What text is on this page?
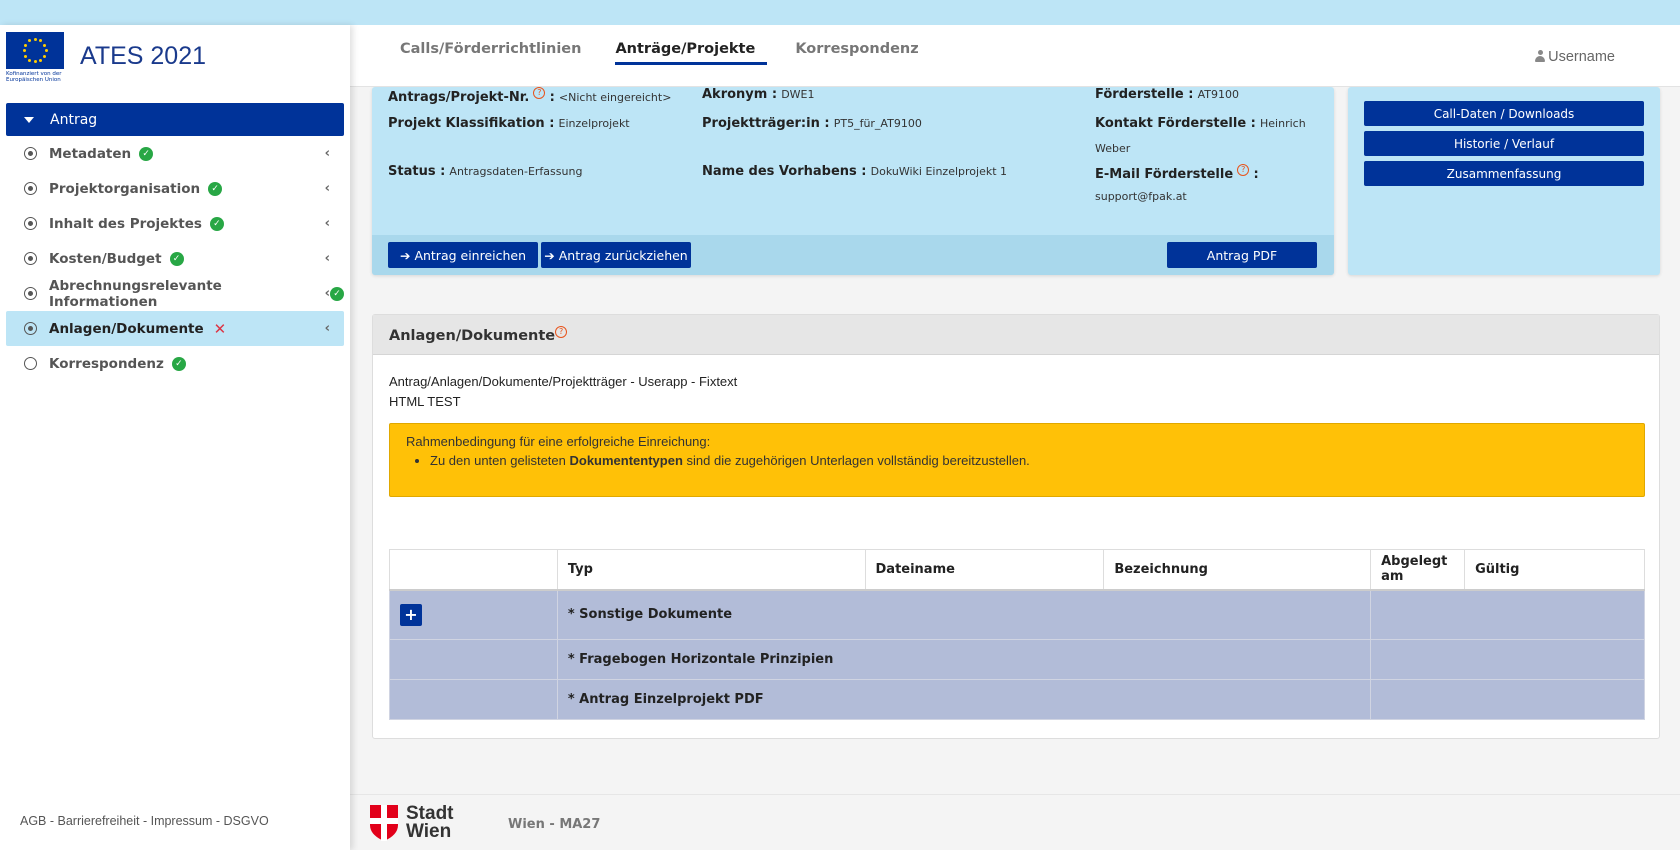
Kofinanziert von der
Europäischen Union
ATES 2021
Antrag
Metadaten	✓	‹
Projektorganisation	✓	‹
Inhalt des Projektes	✓	‹
Kosten/Budget	✓	‹
Abrechnungsrelevante Informationen	✓
‹
Anlagen/Dokumente ✕	‹
Korrespondenz	✓
AGB - Barrierefreiheit - Impressum - DSGVO
Calls/Förderrichtlinien	Anträge/Projekte	Korrespondenz	Username
Antrags/Projekt-Nr. ? : <Nicht eingereicht>
Projekt Klassifikation : Einzelprojekt
Status : Antragsdaten-Erfassung
Akronym : DWE1
Projektträger:in : PT5_für_AT9100
Name des Vorhabens : DokuWiki Einzelprojekt 1
Förderstelle : AT9100
Kontakt Förderstelle : Heinrich
Weber
E-Mail Förderstelle ? :
support@fpak.at
➔ Antrag einreichen ➔ Antrag zurückziehen	Antrag PDF
Call-Daten / Downloads
Historie / Verlauf
Zusammenfassung
Anlagen/Dokumente ?
Antrag/Anlagen/Dokumente/Projektträger - Userapp - Fixtext
HTML TEST
Rahmenbedingung für eine erfolgreiche Einreichung:
• Zu den unten gelisteten Dokumententypen sind die zugehörigen Unterlagen vollständig bereitzustellen.
	Typ	Dateiname	Bezeichnung	Abgelegt am	Gültig

+	* Sonstige Dokumente				
	* Fragebogen Horizontale Prinzipien				
	* Antrag Einzelprojekt PDF				
Stadt
Wien	Wien - MA27
